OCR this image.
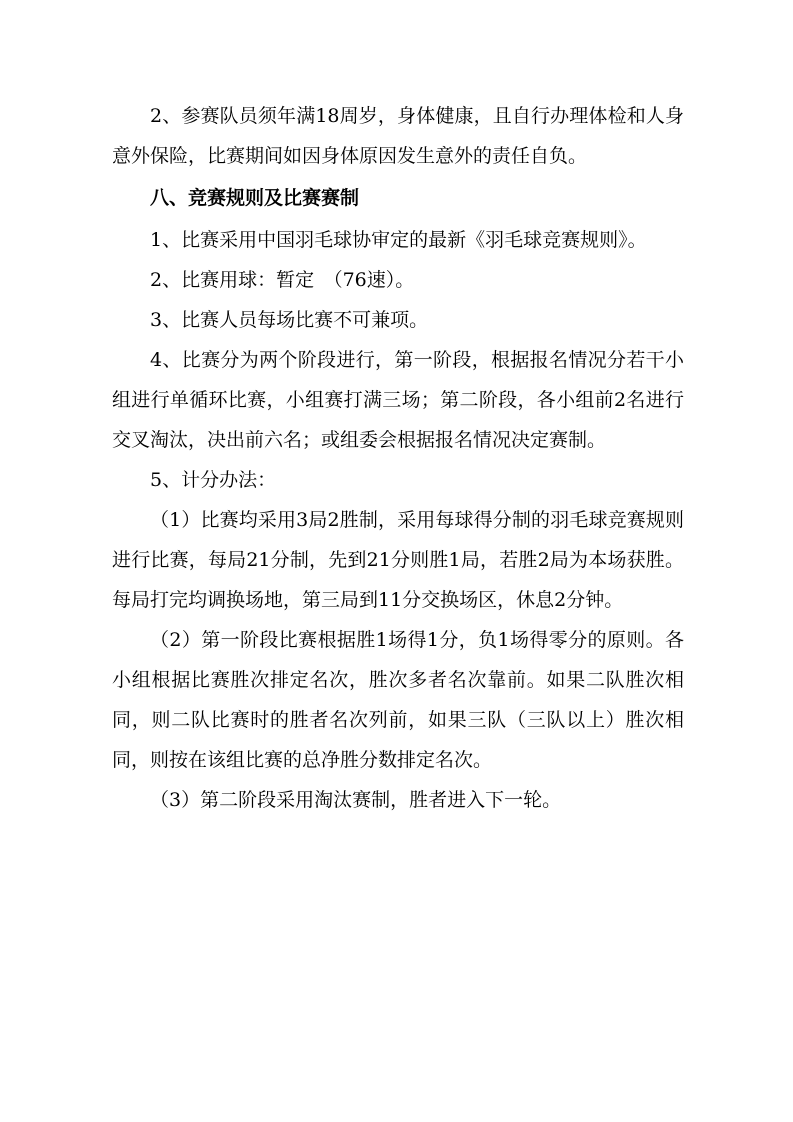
2、参赛队员须年满18周岁，身体健康，且自行办理体检和人身意外保险，比赛期间如因身体原因发生意外的责任自负。

八、竞赛规则及比赛赛制

1、比赛采用中国羽毛球协审定的最新《羽毛球竞赛规则》。

2、比赛用球：暂定　（76速）。

3、比赛人员每场比赛不可兼项。

4、比赛分为两个阶段进行，第一阶段，根据报名情况分若干小组进行单循环比赛，小组赛打满三场；第二阶段，各小组前2名进行交叉淘汰，决出前六名；或组委会根据报名情况决定赛制。

5、计分办法：

（1）比赛均采用3局2胜制，采用每球得分制的羽毛球竞赛规则进行比赛，每局21分制，先到21分则胜1局，若胜2局为本场获胜。每局打完均调换场地，第三局到11分交换场区，休息2分钟。

（2）第一阶段比赛根据胜1场得1分，负1场得零分的原则。各小组根据比赛胜次排定名次，胜次多者名次靠前。如果二队胜次相同，则二队比赛时的胜者名次列前，如果三队（三队以上）胜次相同，则按在该组比赛的总净胜分数排定名次。

（3）第二阶段采用淘汰赛制，胜者进入下一轮。
